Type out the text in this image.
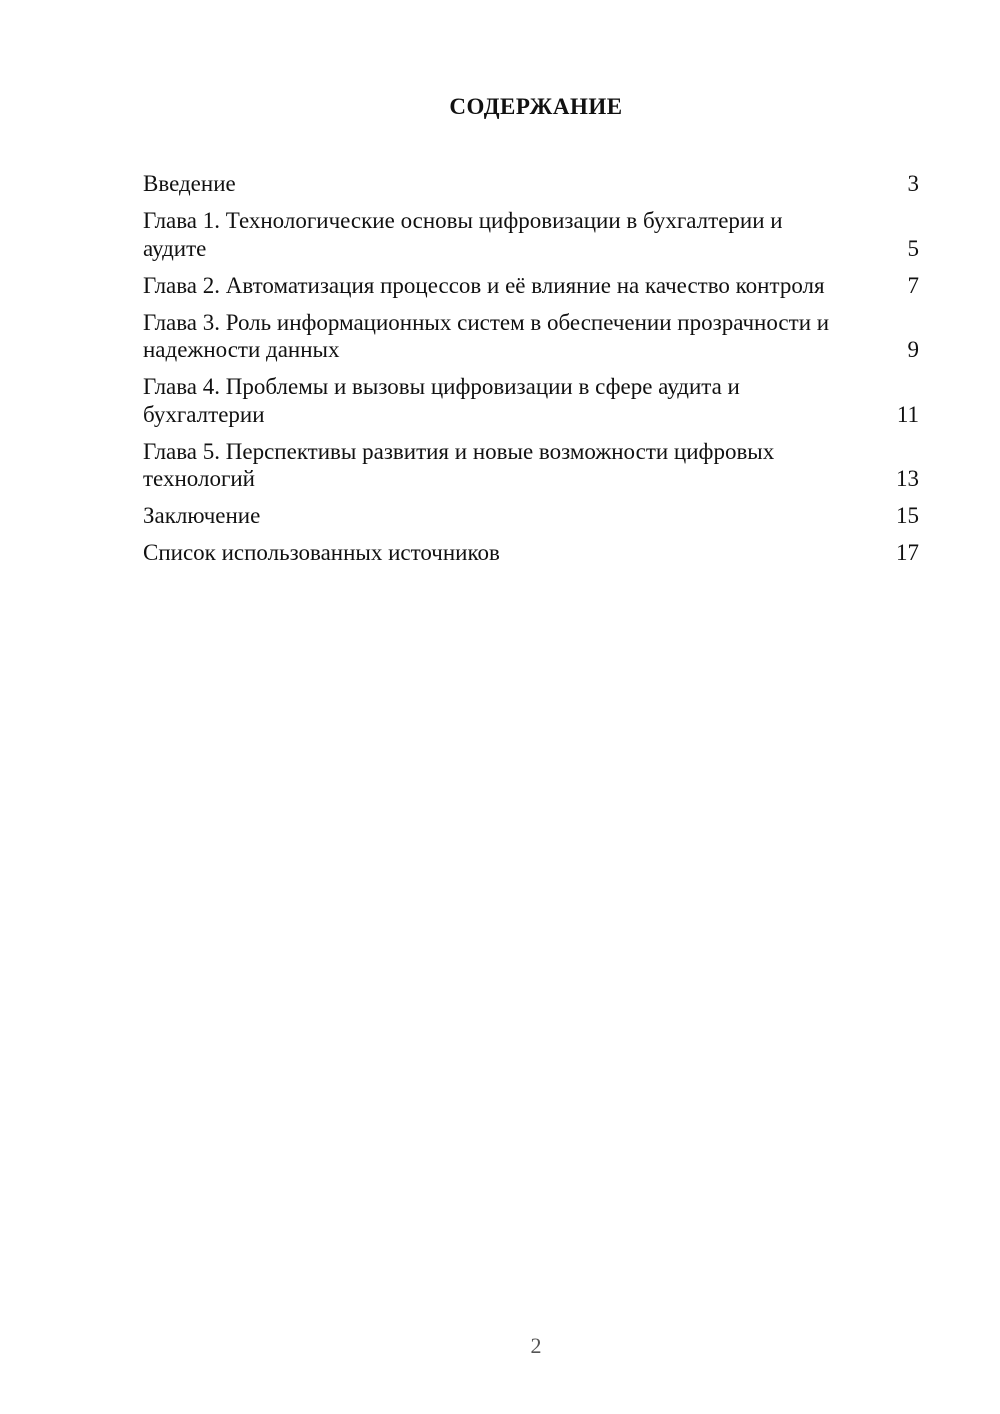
СОДЕРЖАНИЕ
Введение	3
Глава 1. Технологические основы цифровизации в бухгалтерии и аудите	5
Глава 2. Автоматизация процессов и её влияние на качество контроля	7
Глава 3. Роль информационных систем в обеспечении прозрачности и надежности данных	9
Глава 4. Проблемы и вызовы цифровизации в сфере аудита и бухгалтерии	11
Глава 5. Перспективы развития и новые возможности цифровых технологий	13
Заключение	15
Список использованных источников	17
2
